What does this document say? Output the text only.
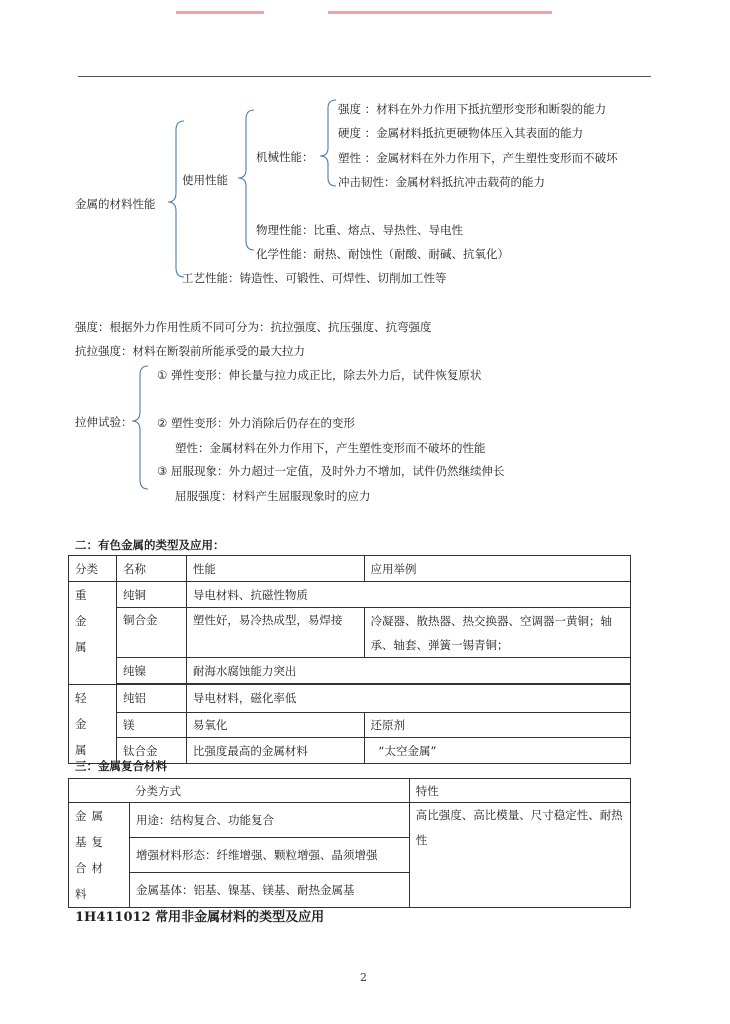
金属的材料性能
使用性能
机械性能：
强度 ：材料在外力作用下抵抗塑形变形和断裂的能力
硬度 ：金属材料抵抗更硬物体压入其表面的能力
塑性 ：金属材料在外力作用下，产生塑性变形而不破坏
冲击韧性：金属材料抵抗冲击载荷的能力
物理性能：比重、熔点、导热性、导电性
化学性能：耐热、耐蚀性（耐酸、耐碱、抗氧化）
工艺性能：铸造性、可锻性、可焊性、切削加工性等
强度：根据外力作用性质不同可分为：抗拉强度、抗压强度、抗弯强度
抗拉强度：材料在断裂前所能承受的最大拉力
拉伸试验：
① 弹性变形：伸长量与拉力成正比，除去外力后，试件恢复原状
② 塑性变形：外力消除后仍存在的变形
塑性：金属材料在外力作用下，产生塑性变形而不破坏的性能
③ 屈服现象：外力超过一定值，及时外力不增加，试件仍然继续伸长
屈服强度：材料产生屈服现象时的应力
二：有色金属的类型及应用：
分类	名称	性能	应用举例

重金属	纯铜	导电材料、抗磁性物质	
	铜合金	塑性好，易冷热成型，易焊接	冷凝器、散热器、热交换器、空调器一黄铜；轴承、轴套、弹簧一锡青铜；
	纯镍	耐海水腐蚀能力突出	

轻金属	纯铝	导电材料，磁化率低	
	镁	易氧化	还原剂
	钛合金	比强度最高的金属材料	“太空金属”
三：金属复合材料
分类方式		特性

金属基复合材料	用途：结构复合、功能复合	高比强度、高比模量、尺寸稳定性、耐热性
	增强材料形态：纤维增强、颗粒增强、晶须增强	
	金属基体：铝基、镍基、镁基、耐热金属基	
1H411012 常用非金属材料的类型及应用
2
